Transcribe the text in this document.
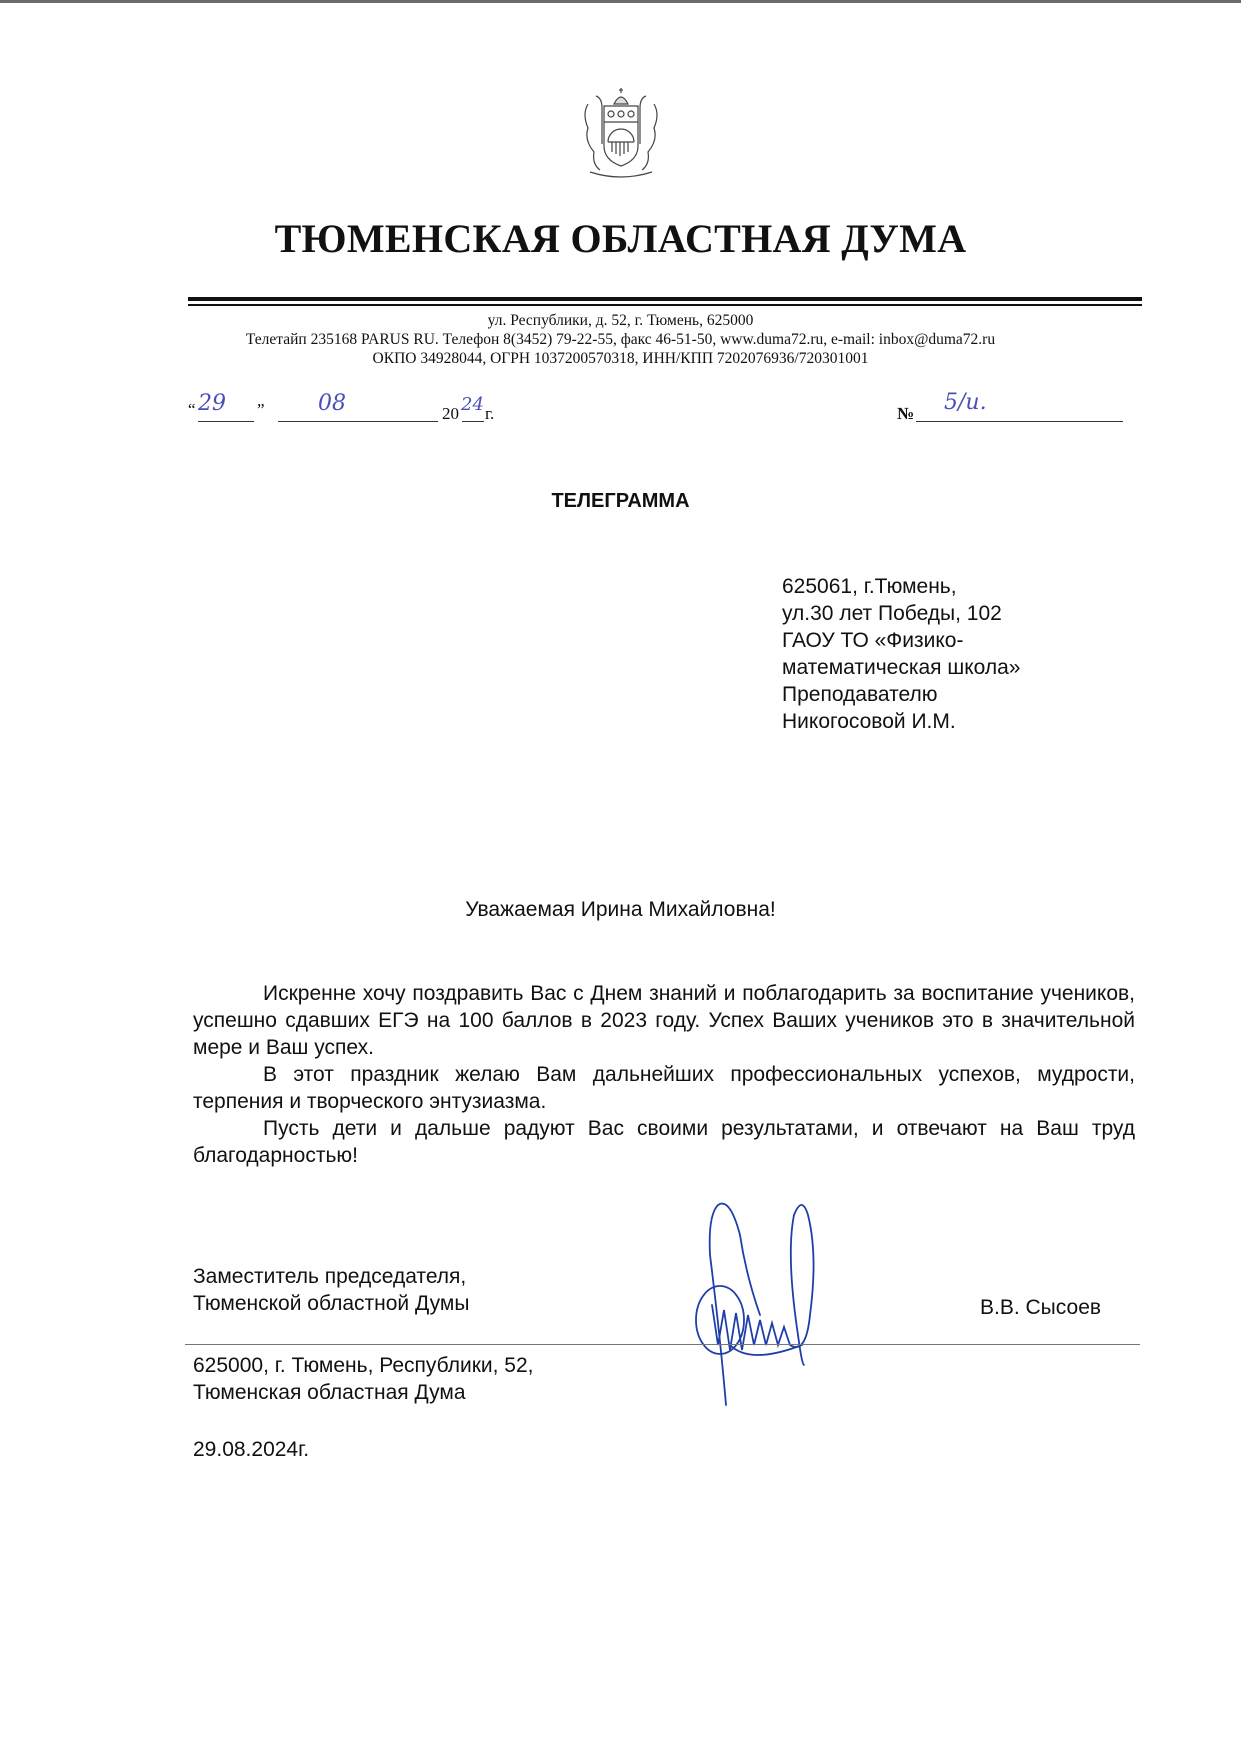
ТЮМЕНСКАЯ ОБЛАСТНАЯ ДУМА
ул. Республики, д. 52, г. Тюмень, 625000
Телетайп 235168 PARUS RU. Телефон 8(3452) 79-22-55, факс 46-51-50, www.duma72.ru, e-mail: inbox@duma72.ru
ОКПО 34928044, ОГРН 1037200570318, ИНН/КПП 7202076936/720301001
“ 29 ” 08	20 24 г.	№ 5/и.
ТЕЛЕГРАММА
625061, г.Тюмень,
ул.30 лет Победы, 102
ГАОУ ТО «Физико-
математическая школа»
Преподавателю
Никогосовой И.М.
Уважаемая Ирина Михайловна!

Искренне хочу поздравить Вас с Днем знаний и поблагодарить за воспитание учеников, успешно сдавших ЕГЭ на 100 баллов в 2023 году. Успех Ваших учеников это в значительной мере и Ваш успех.

В этот праздник желаю Вам дальнейших профессиональных успехов, мудрости, терпения и творческого энтузиазма.

Пусть дети и дальше радуют Вас своими результатами, и отвечают на Ваш труд благодарностью!

Заместитель председателя,
Тюменской областной Думы	В.В. Сысоев
625000, г. Тюмень, Республики, 52,
Тюменская областная Дума
29.08.2024г.
